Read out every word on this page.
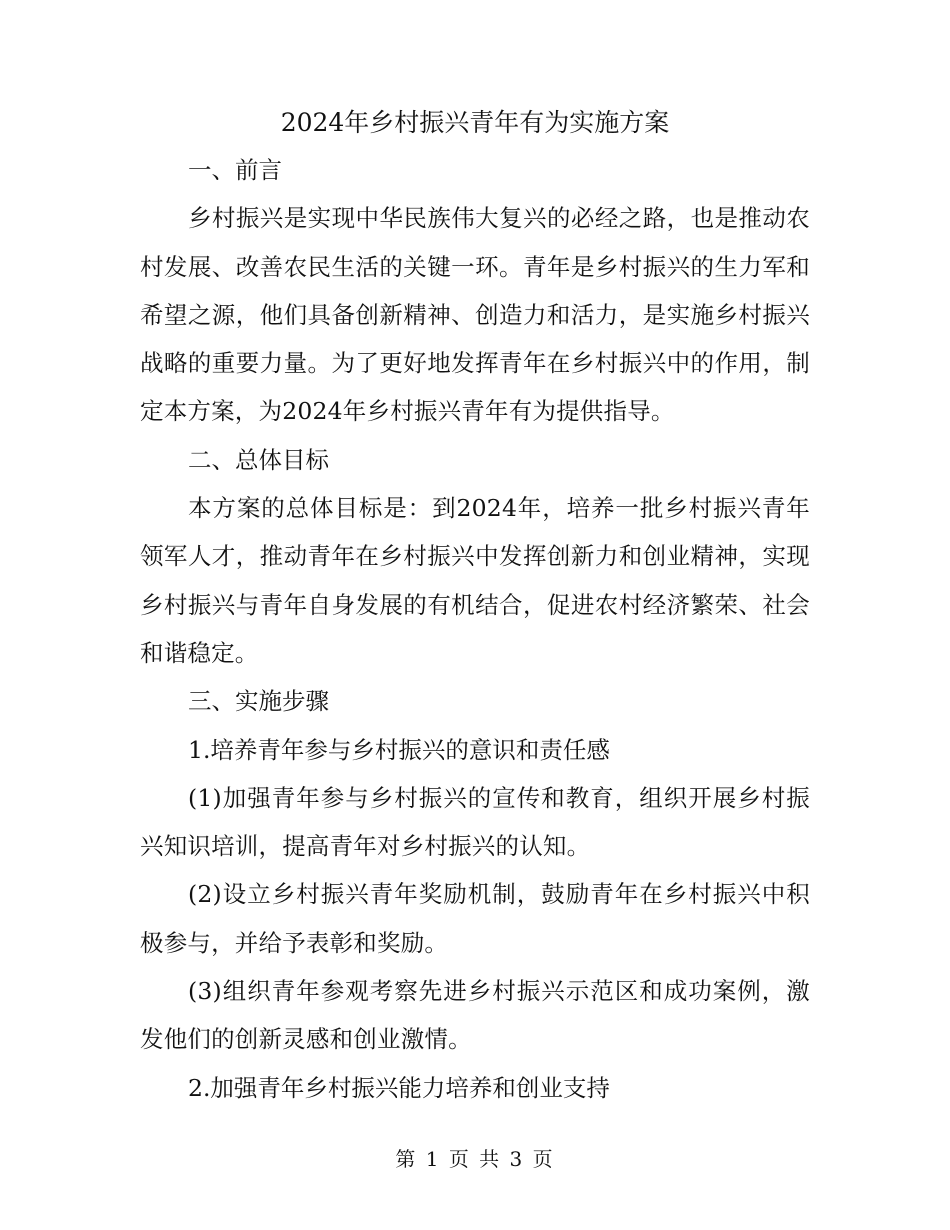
2024年乡村振兴青年有为实施方案

一、前言

乡村振兴是实现中华民族伟大复兴的必经之路，也是推动农村发展、改善农民生活的关键一环。青年是乡村振兴的生力军和希望之源，他们具备创新精神、创造力和活力，是实施乡村振兴战略的重要力量。为了更好地发挥青年在乡村振兴中的作用，制定本方案，为2024年乡村振兴青年有为提供指导。

二、总体目标

本方案的总体目标是：到2024年，培养一批乡村振兴青年领军人才，推动青年在乡村振兴中发挥创新力和创业精神，实现乡村振兴与青年自身发展的有机结合，促进农村经济繁荣、社会和谐稳定。

三、实施步骤

1.培养青年参与乡村振兴的意识和责任感

(1)加强青年参与乡村振兴的宣传和教育，组织开展乡村振兴知识培训，提高青年对乡村振兴的认知。

(2)设立乡村振兴青年奖励机制，鼓励青年在乡村振兴中积极参与，并给予表彰和奖励。

(3)组织青年参观考察先进乡村振兴示范区和成功案例，激发他们的创新灵感和创业激情。

2.加强青年乡村振兴能力培养和创业支持

第 1 页 共 3 页
